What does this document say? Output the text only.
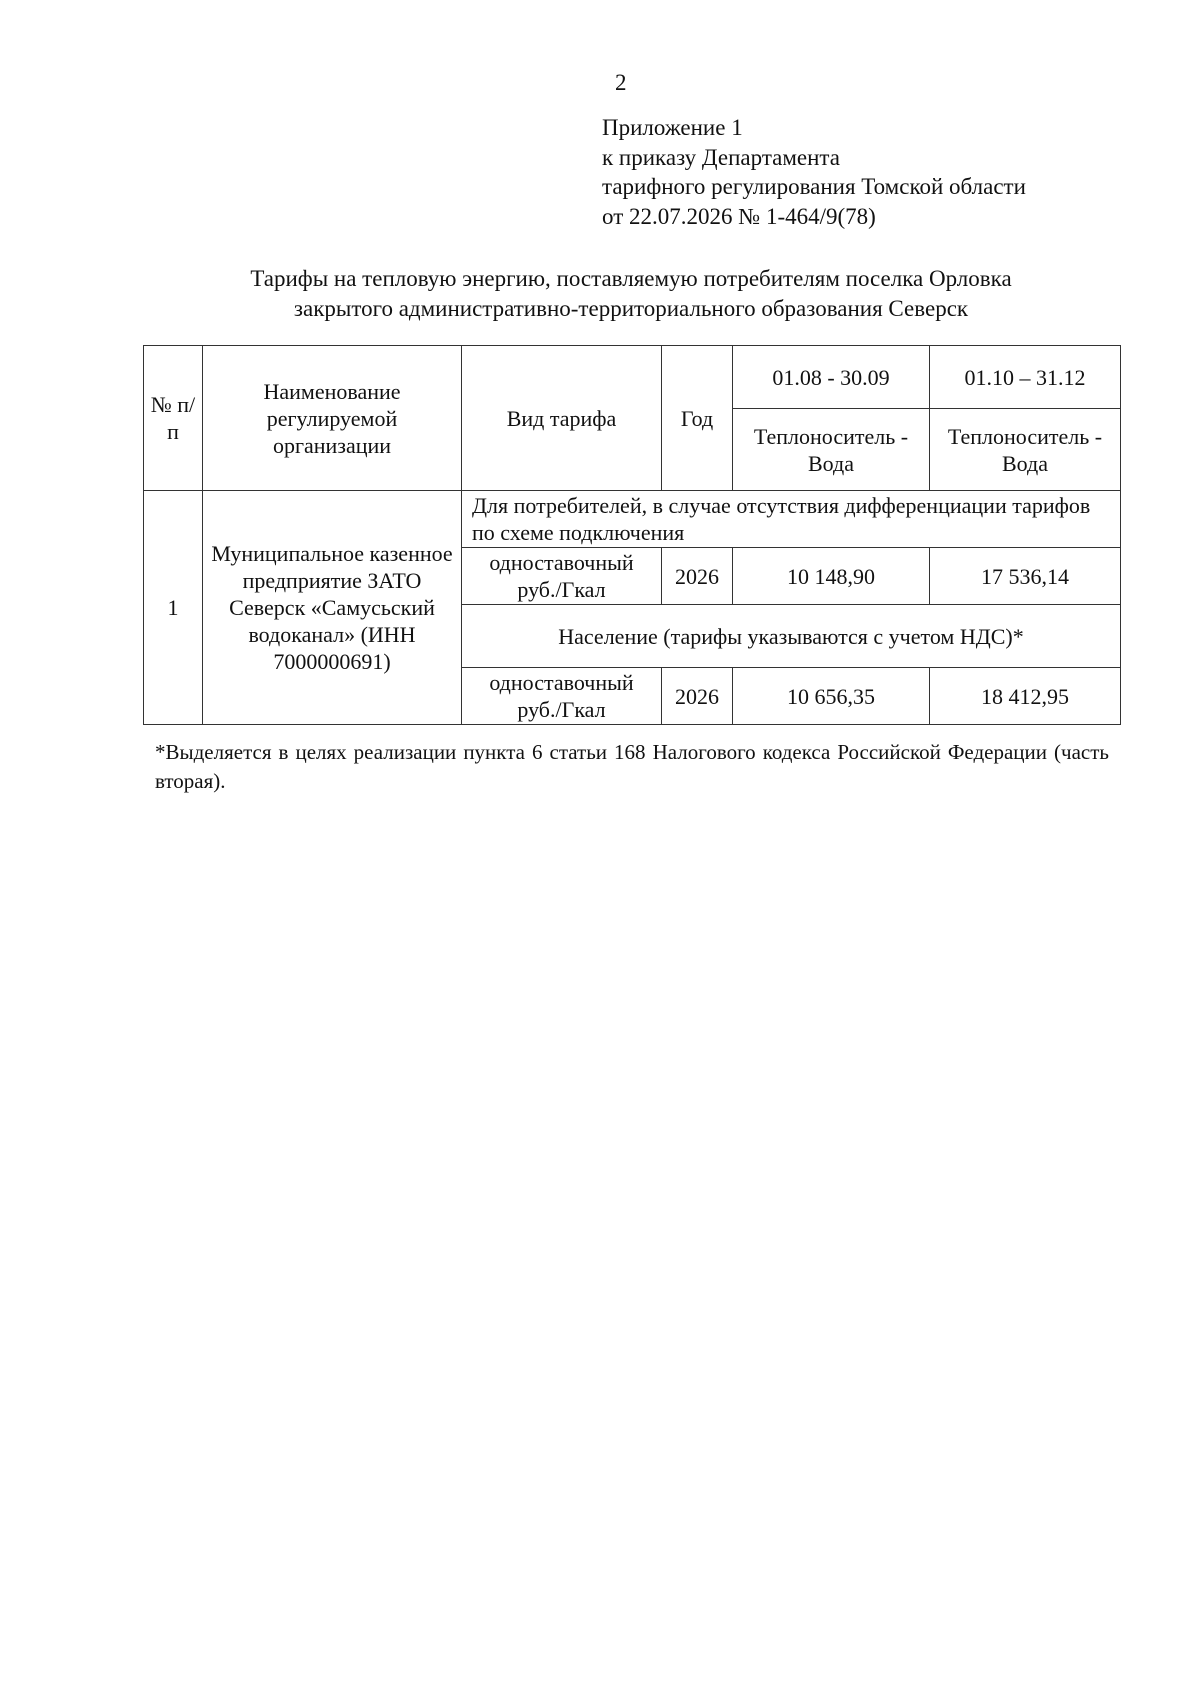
2
Приложение 1
к приказу Департамента
тарифного регулирования Томской области
от 22.07.2026 № 1-464/9(78)
Тарифы на тепловую энергию, поставляемую потребителям поселка Орловка
закрытого административно-территориального образования Северск
№ п/п	Наименование регулируемой организации	Вид тарифа	Год	01.08 - 30.09	01.10 – 31.12
				Теплоноситель - Вода	Теплоноситель - Вода
1	Муниципальное казенное предприятие ЗАТО Северск «Самусьский водоканал» (ИНН 7000000691)	Для потребителей, в случае отсутствия дифференциации тарифов по схеме подключения			
		одноставочный руб./Гкал	2026	10 148,90	17 536,14
		Население (тарифы указываются с учетом НДС)*			
		одноставочный руб./Гкал	2026	10 656,35	18 412,95
*Выделяется в целях реализации пункта 6 статьи 168 Налогового кодекса Российской Федерации (часть вторая).
